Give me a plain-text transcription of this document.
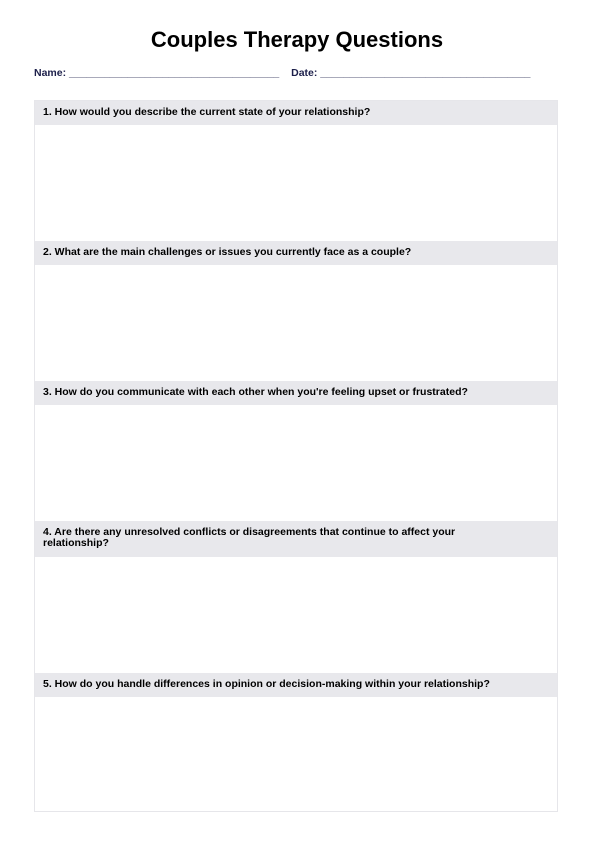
Couples Therapy Questions
Name: ____________________________________ Date: ____________________________________
1. How would you describe the current state of your relationship?
2. What are the main challenges or issues you currently face as a couple?
3. How do you communicate with each other when you're feeling upset or frustrated?
4. Are there any unresolved conflicts or disagreements that continue to affect your relationship?
5. How do you handle differences in opinion or decision-making within your relationship?
